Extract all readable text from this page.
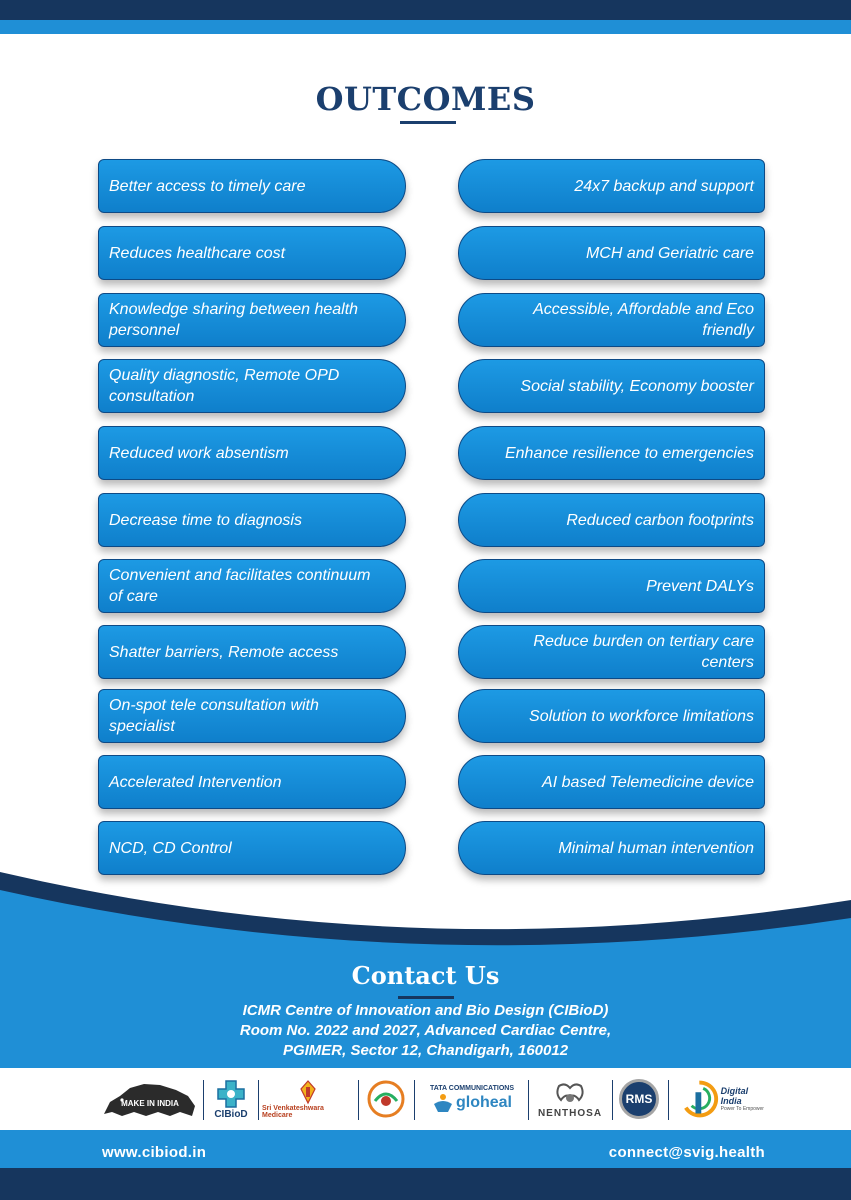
OUTCOMES
Better access to timely care
Reduces healthcare cost
Knowledge sharing between health personnel
Quality diagnostic, Remote OPD consultation
Reduced work absentism
Decrease time to diagnosis
Convenient and facilitates continuum of care
Shatter barriers, Remote access
On-spot tele consultation with specialist
Accelerated Intervention
NCD, CD Control
24x7 backup and support
MCH and Geriatric care
Accessible, Affordable and Eco friendly
Social stability, Economy booster
Enhance resilience to emergencies
Reduced carbon footprints
Prevent DALYs
Reduce burden on tertiary care centers
Solution to workforce limitations
AI based Telemedicine device
Minimal human intervention
Contact Us
ICMR Centre of Innovation and Bio Design (CIBioD)
Room No. 2022 and 2027, Advanced Cardiac Centre,
PGIMER, Sector 12, Chandigarh, 160012
MAKE IN INDIA
CIBioD Sri Venkateshwara Medicare
TATA COMMUNICATIONS
gloheal
NENTHOSA
RMS
Digital India
Power To Empower
www.cibiod.in	connect@svig.health
